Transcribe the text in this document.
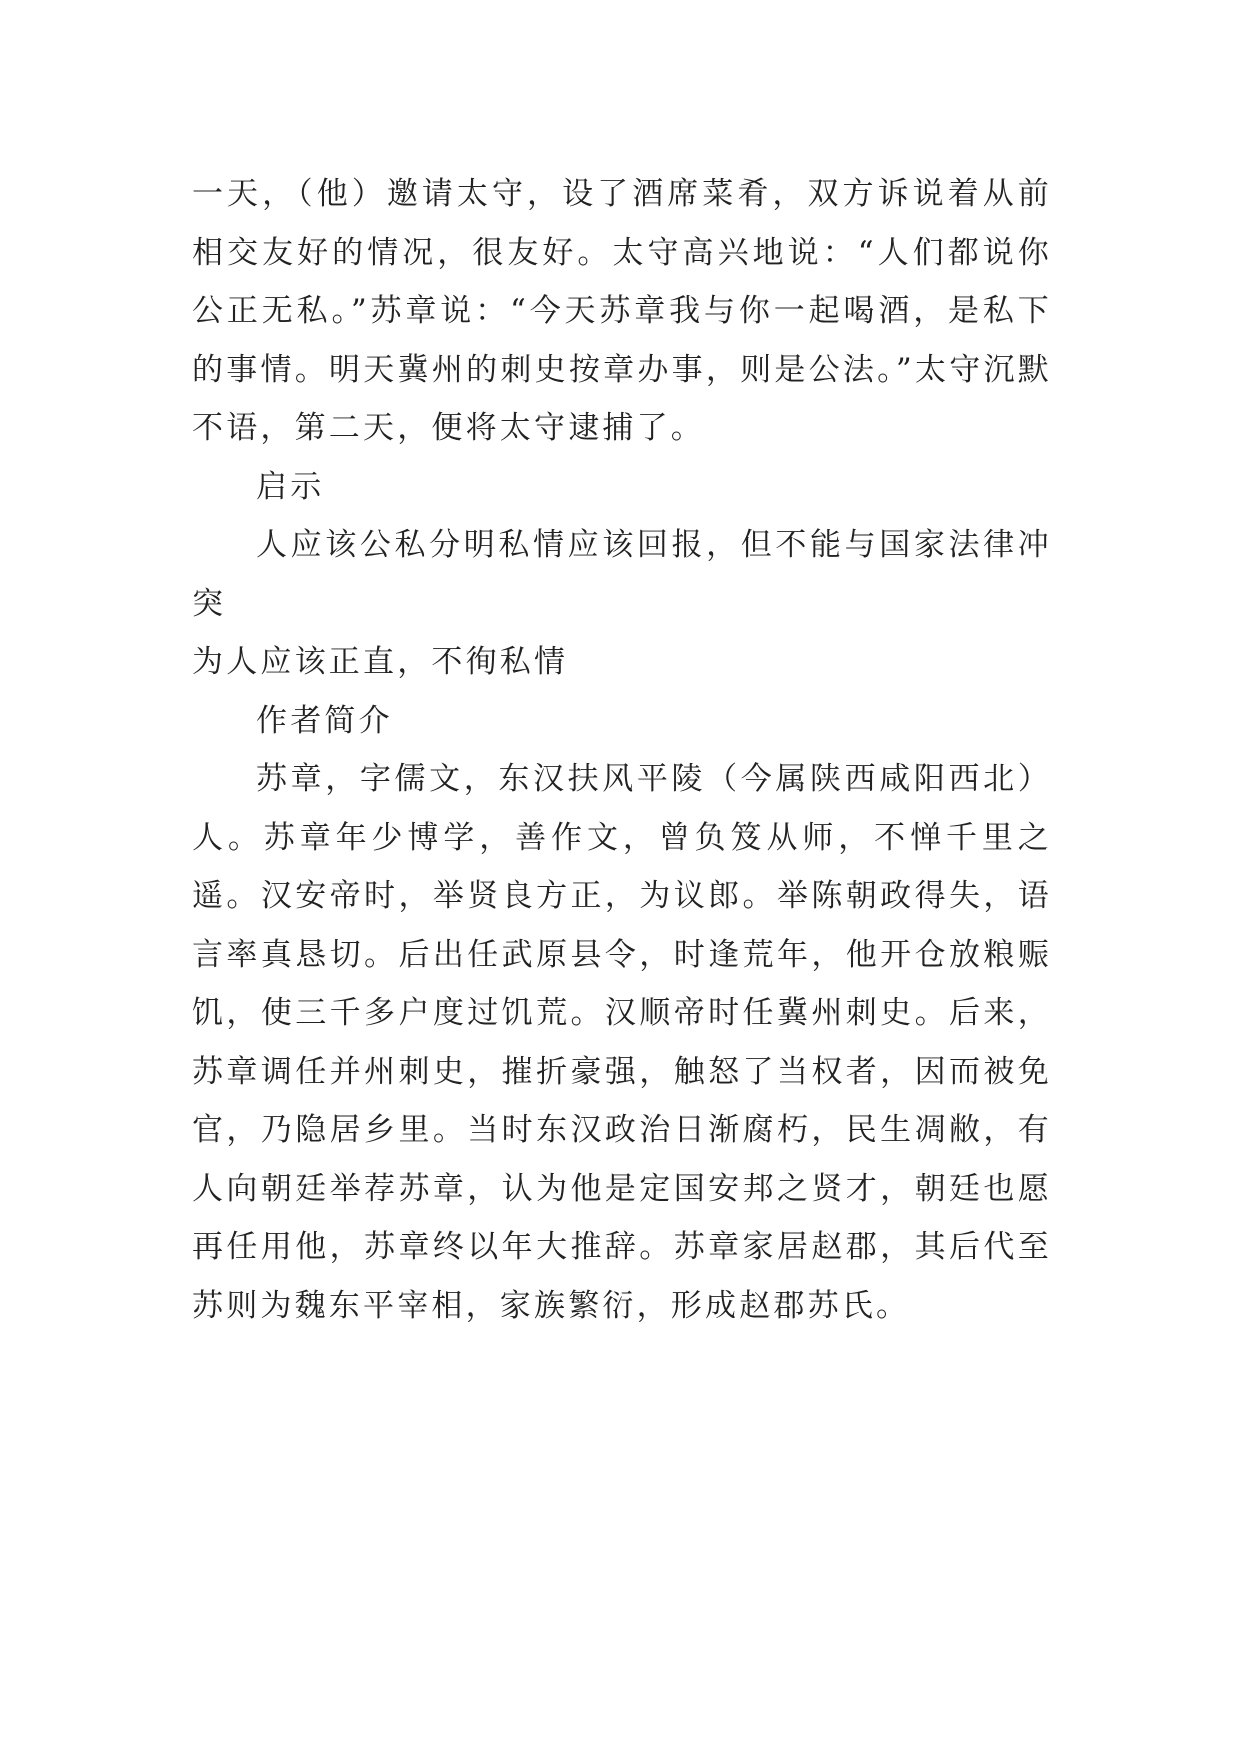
一天，（他）邀请太守，设了酒席菜肴，双方诉说着从前相交友好的情况，很友好。太守高兴地说：“人们都说你公正无私。”苏章说：“今天苏章我与你一起喝酒，是私下的事情。明天冀州的刺史按章办事，则是公法。”太守沉默不语，第二天，便将太守逮捕了。

启示

人应该公私分明私情应该回报，但不能与国家法律冲突

为人应该正直，不徇私情

作者简介

苏章，字儒文，东汉扶风平陵（今属陕西咸阳西北）人。苏章年少博学，善作文，曾负笈从师，不惮千里之遥。汉安帝时，举贤良方正，为议郎。举陈朝政得失，语言率真恳切。后出任武原县令，时逢荒年，他开仓放粮赈饥，使三千多户度过饥荒。汉顺帝时任冀州刺史。后来，苏章调任并州刺史，摧折豪强，触怒了当权者，因而被免官，乃隐居乡里。当时东汉政治日渐腐朽，民生凋敝，有人向朝廷举荐苏章，认为他是定国安邦之贤才，朝廷也愿再任用他，苏章终以年大推辞。苏章家居赵郡，其后代至苏则为魏东平宰相，家族繁衍，形成赵郡苏氏。
